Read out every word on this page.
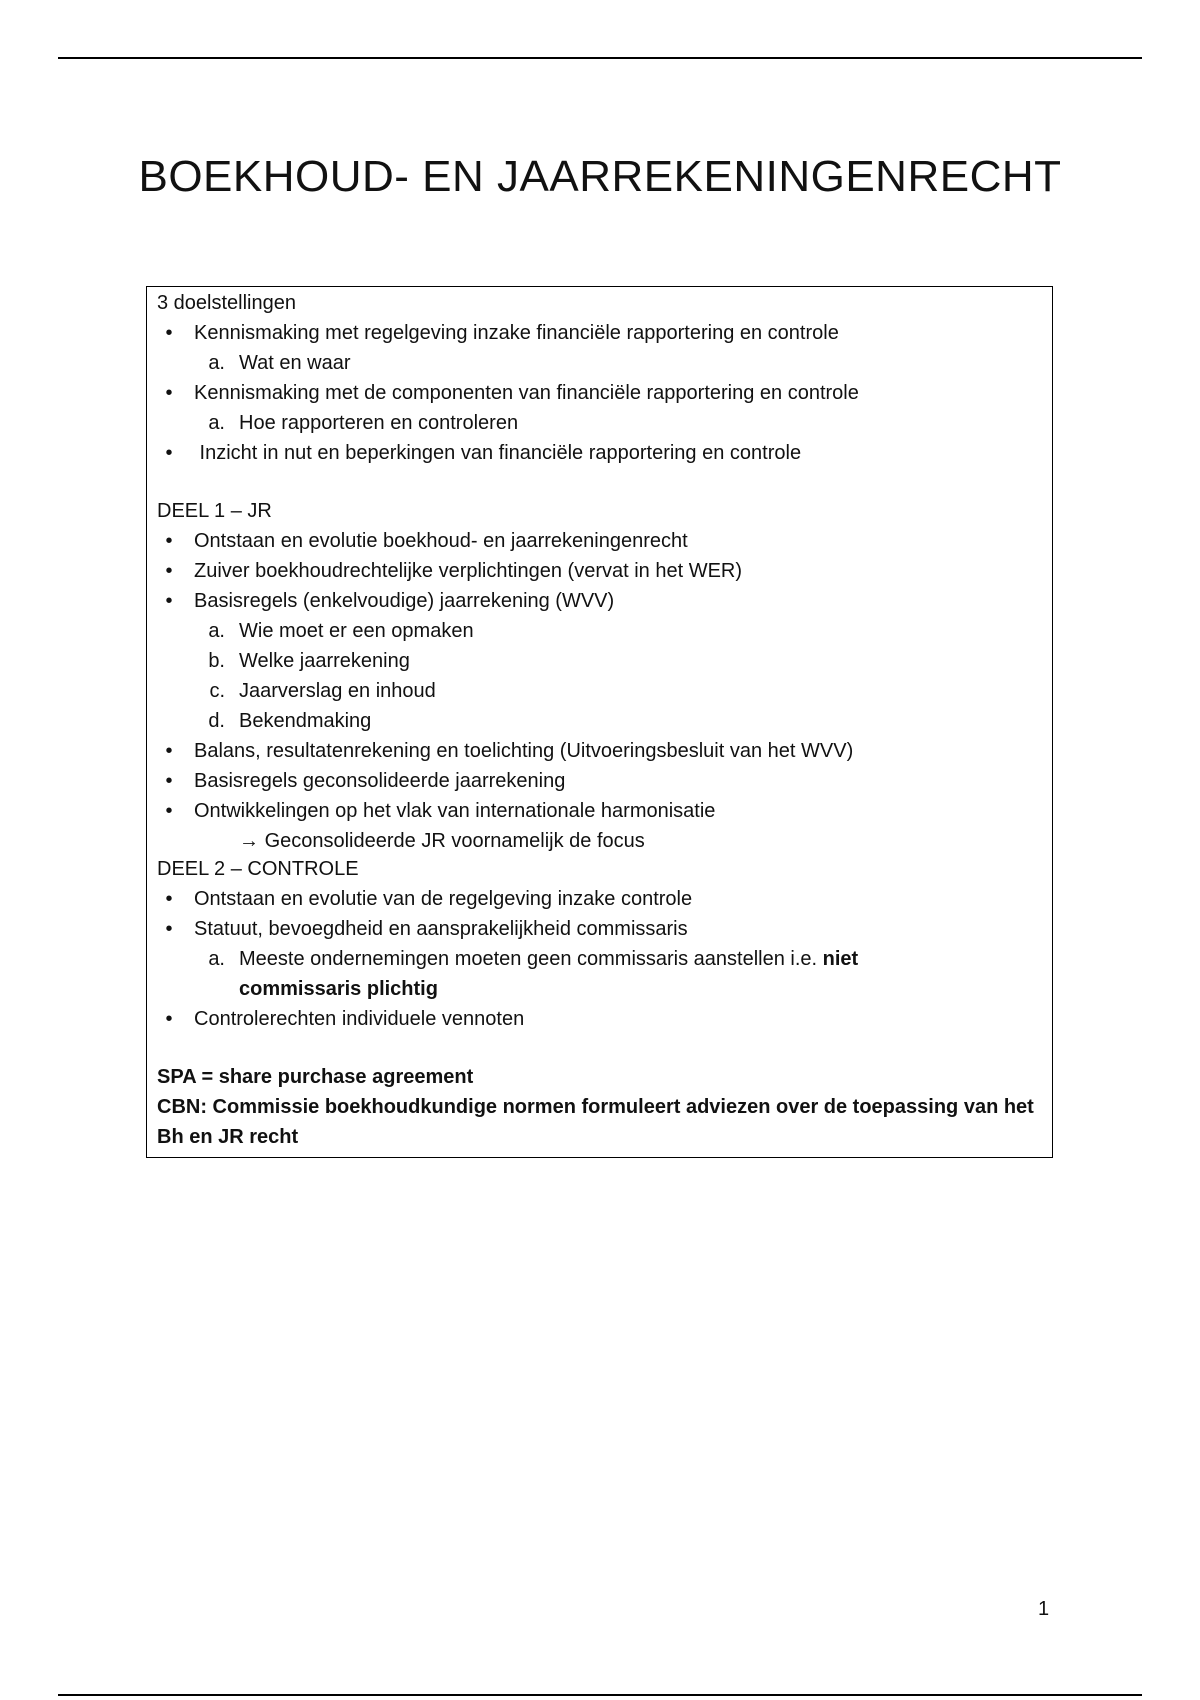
BOEKHOUD- EN JAARREKENINGENRECHT
3 doelstellingen
•	Kennismaking met regelgeving inzake financiële rapportering en controle
a. Wat en waar
•	Kennismaking met de componenten van financiële rapportering en controle
a. Hoe rapporteren en controleren
•	Inzicht in nut en beperkingen van financiële rapportering en controle
DEEL 1 – JR
•	Ontstaan en evolutie boekhoud- en jaarrekeningenrecht
•	Zuiver boekhoudrechtelijke verplichtingen (vervat in het WER)
•	Basisregels (enkelvoudige) jaarrekening (WVV)
a. Wie moet er een opmaken
b. Welke jaarrekening
c. Jaarverslag en inhoud
d. Bekendmaking
•	Balans, resultatenrekening en toelichting (Uitvoeringsbesluit van het WVV)
•	Basisregels geconsolideerde jaarrekening
•	Ontwikkelingen op het vlak van internationale harmonisatie
→ Geconsolideerde JR voornamelijk de focus
DEEL 2 – CONTROLE
•	Ontstaan en evolutie van de regelgeving inzake controle
•	Statuut, bevoegdheid en aansprakelijkheid commissaris
a. Meeste ondernemingen moeten geen commissaris aanstellen i.e. niet commissaris plichtig
•	Controlerechten individuele vennoten
SPA = share purchase agreement
CBN: Commissie boekhoudkundige normen formuleert adviezen over de toepassing van het Bh en JR recht
1
